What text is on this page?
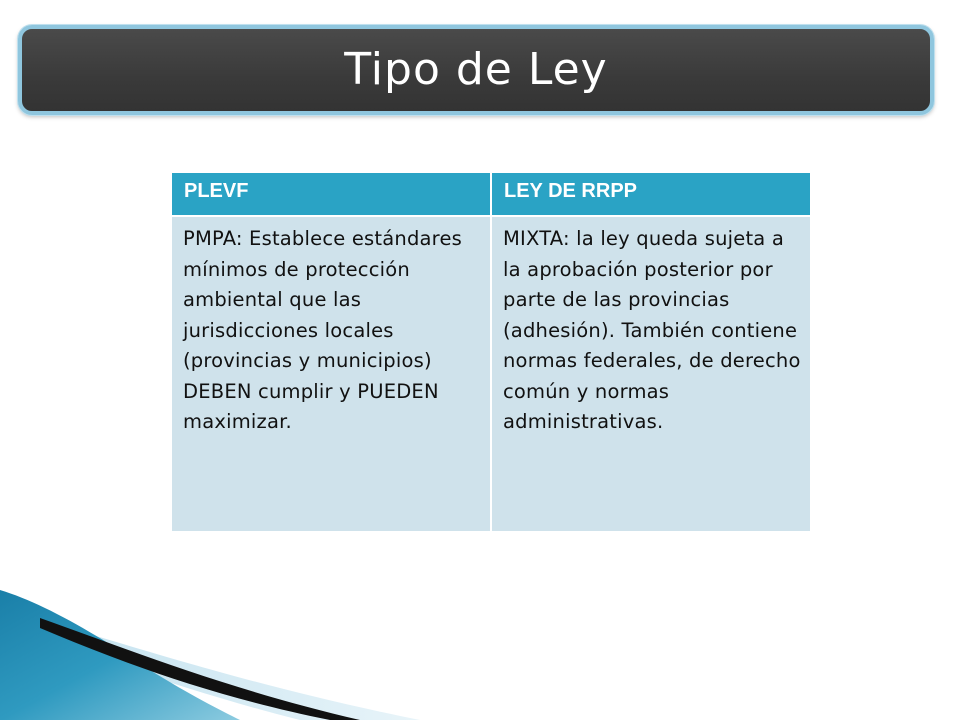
Tipo de Ley
PLEVF	LEY DE RRPP
PMPA: Establece estándares mínimos de protección ambiental que las jurisdicciones locales (provincias y municipios) DEBEN cumplir y PUEDEN maximizar.	MIXTA: la ley queda sujeta a la aprobación posterior por parte de las provincias (adhesión). También contiene normas federales, de derecho común y normas administrativas.
